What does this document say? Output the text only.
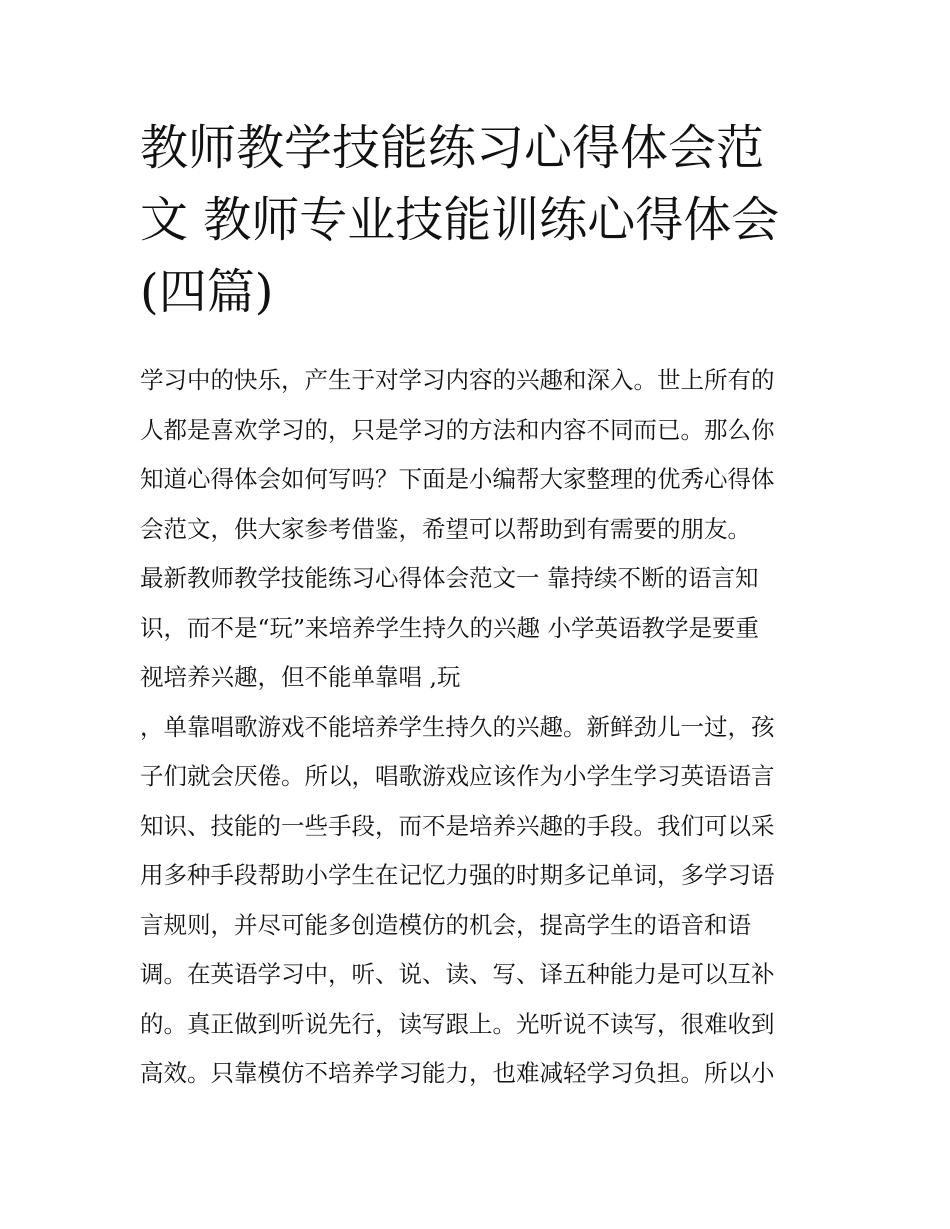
教师教学技能练习心得体会范
文 教师专业技能训练心得体会
(四篇)
学习中的快乐，产生于对学习内容的兴趣和深入。世上所有的
人都是喜欢学习的，只是学习的方法和内容不同而已。那么你
知道心得体会如何写吗？下面是小编帮大家整理的优秀心得体
会范文，供大家参考借鉴，希望可以帮助到有需要的朋友。
最新教师教学技能练习心得体会范文一 靠持续不断的语言知
识，而不是“玩”来培养学生持久的兴趣 小学英语教学是要重
视培养兴趣，但不能单靠唱 ,玩
，单靠唱歌游戏不能培养学生持久的兴趣。新鲜劲儿一过，孩
子们就会厌倦。所以，唱歌游戏应该作为小学生学习英语语言
知识、技能的一些手段，而不是培养兴趣的手段。我们可以采
用多种手段帮助小学生在记忆力强的时期多记单词，多学习语
言规则，并尽可能多创造模仿的机会，提高学生的语音和语
调。在英语学习中，听、说、读、写、译五种能力是可以互补
的。真正做到听说先行，读写跟上。光听说不读写，很难收到
高效。只靠模仿不培养学习能力，也难减轻学习负担。所以小
